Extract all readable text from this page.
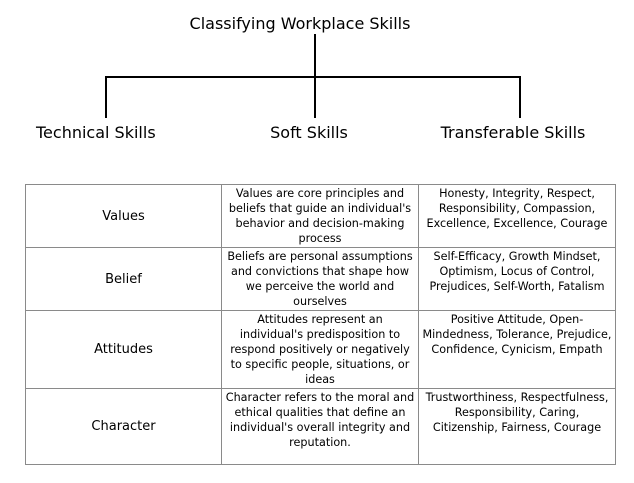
Classifying Workplace Skills
Technical Skills	Soft Skills	Transferable Skills
Values	Values are core principles and beliefs that guide an individual's behavior and decision-making process	Honesty, Integrity, Respect, Responsibility, Compassion, Excellence, Excellence, Courage
Belief	Beliefs are personal assumptions and convictions that shape how we perceive the world and ourselves	Self-Efficacy, Growth Mindset, Optimism, Locus of Control, Prejudices, Self-Worth, Fatalism
Attitudes	Attitudes represent an individual's predisposition to respond positively or negatively to specific people, situations, or ideas	Positive Attitude, Open-Mindedness, Tolerance, Prejudice, Confidence, Cynicism, Empath
Character	Character refers to the moral and ethical qualities that define an individual's overall integrity and reputation.	Trustworthiness, Respectfulness, Responsibility, Caring, Citizenship, Fairness, Courage
